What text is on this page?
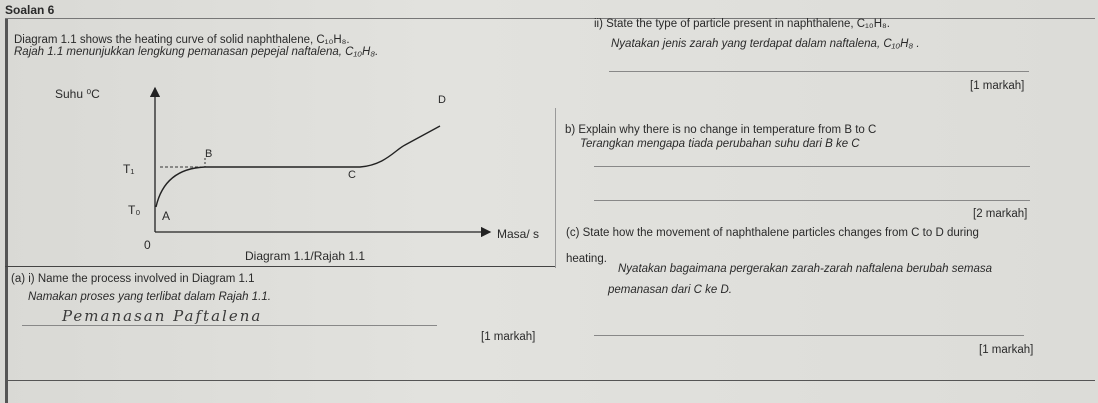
Soalan 6
Diagram 1.1 shows the heating curve of solid naphthalene, C₁₀H₈.
Rajah 1.1 menunjukkan lengkung pemanasan pepejal naftalena, C₁₀H₈.
Suhu ⁰C
T₁
T₀ A
B
C
D
0
Masa/ s
Diagram 1.1/Rajah 1.1
(a) i) Name the process involved in Diagram 1.1
Namakan proses yang terlibat dalam Rajah 1.1.
Pemanasan Paftalena
[1 markah]
ii) State the type of particle present in naphthalene, C₁₀H₈.
Nyatakan jenis zarah yang terdapat dalam naftalena, C₁₀H₈ .
[1 markah]
b) Explain why there is no change in temperature from B to C
Terangkan mengapa tiada perubahan suhu dari B ke C
[2 markah]
(c) State how the movement of naphthalene particles changes from C to D during
heating.
Nyatakan bagaimana pergerakan zarah-zarah naftalena berubah semasa
pemanasan dari C ke D.
[1 markah]
